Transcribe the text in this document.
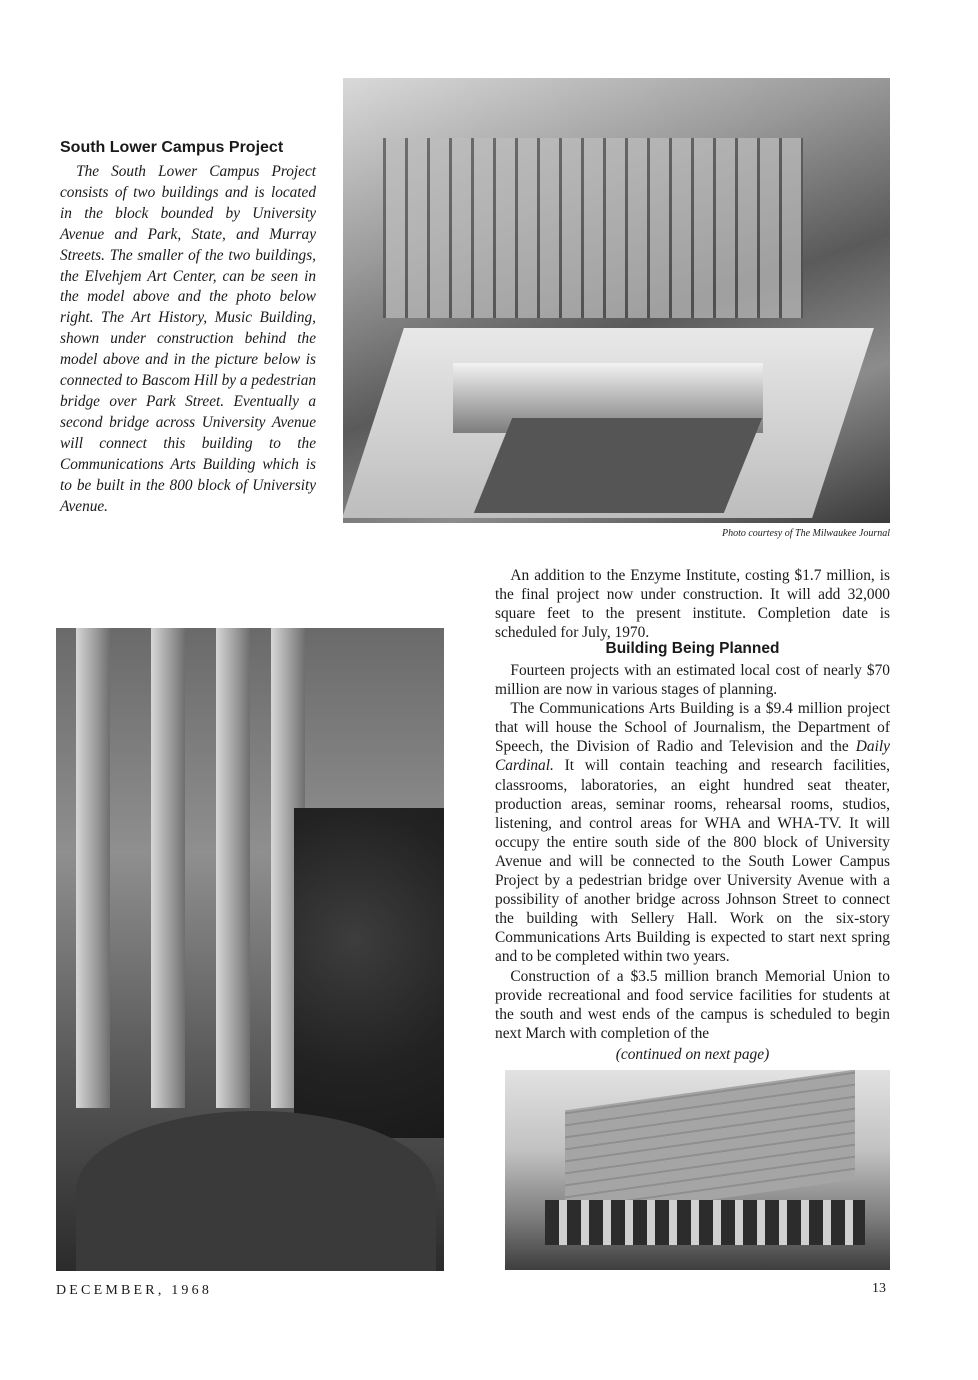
South Lower Campus Project
The South Lower Campus Project consists of two buildings and is located in the block bounded by University Avenue and Park, State, and Murray Streets. The smaller of the two buildings, the Elvehjem Art Center, can be seen in the model above and the photo below right. The Art History, Music Building, shown under construction behind the model above and in the picture below is connected to Bascom Hill by a pedestrian bridge over Park Street. Eventually a second bridge across University Avenue will connect this building to the Communications Arts Building which is to be built in the 800 block of University Avenue.
Photo courtesy of The Milwaukee Journal

An addition to the Enzyme Institute, costing $1.7 million, is the final project now under construction. It will add 32,000 square feet to the present institute. Completion date is scheduled for July, 1970.

Building Being Planned

Fourteen projects with an estimated local cost of nearly $70 million are now in various stages of planning.

The Communications Arts Building is a $9.4 million project that will house the School of Journalism, the Department of Speech, the Division of Radio and Television and the Daily Cardinal. It will contain teaching and research facilities, classrooms, laboratories, an eight hundred seat theater, production areas, seminar rooms, rehearsal rooms, studios, listening, and control areas for WHA and WHA-TV. It will occupy the entire south side of the 800 block of University Avenue and will be connected to the South Lower Campus Project by a pedestrian bridge over University Avenue with a possibility of another bridge across Johnson Street to connect the building with Sellery Hall. Work on the six-story Communications Arts Building is expected to start next spring and to be completed within two years.

Construction of a $3.5 million branch Memorial Union to provide recreational and food service facilities for students at the south and west ends of the campus is scheduled to begin next March with completion of the

(continued on next page)
DECEMBER, 1968	13
